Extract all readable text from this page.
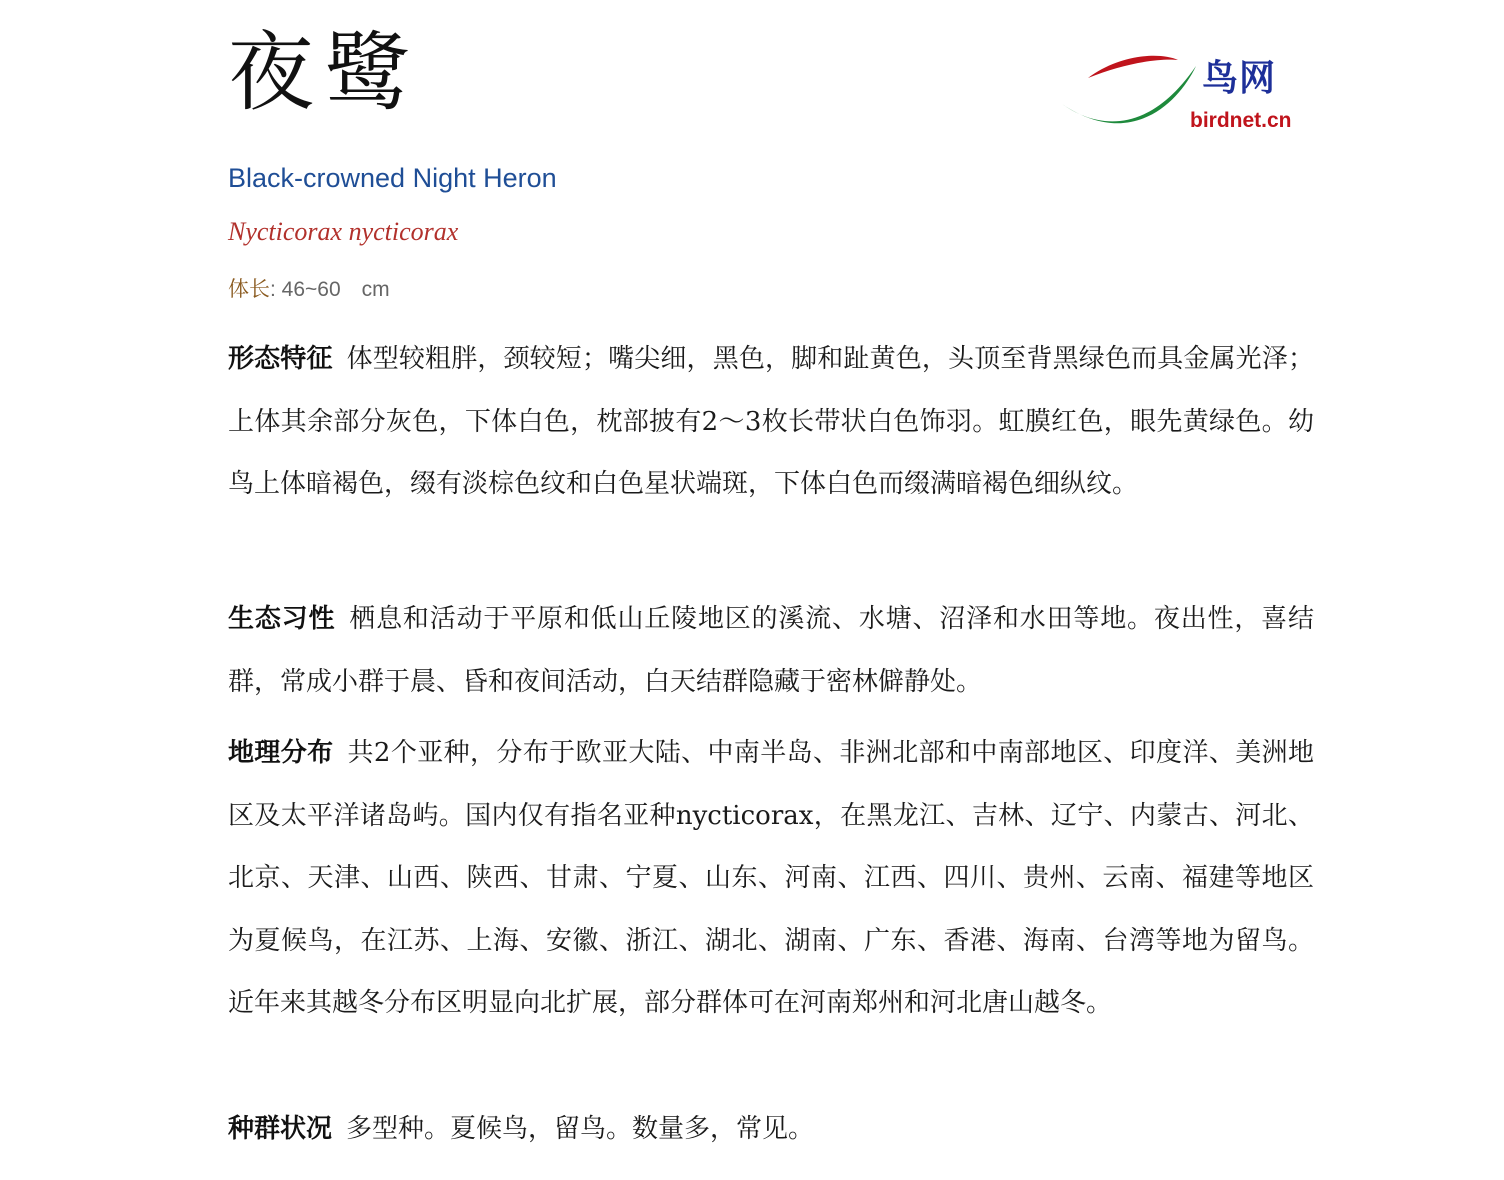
夜鹭	鸟网
birdnet.cn
Black-crowned Night Heron
Nycticorax nycticorax
体长: 46~60　cm
形态特征 体型较粗胖，颈较短；嘴尖细，黑色，脚和趾黄色，头顶至背黑绿色而具金属光泽；上体其余部分灰色，下体白色，枕部披有2～3枚长带状白色饰羽。虹膜红色，眼先黄绿色。幼鸟上体暗褐色，缀有淡棕色纹和白色星状端斑，下体白色而缀满暗褐色细纵纹。
生态习性 栖息和活动于平原和低山丘陵地区的溪流、水塘、沼泽和水田等地。夜出性，喜结群，常成小群于晨、昏和夜间活动，白天结群隐藏于密林僻静处。
地理分布 共2个亚种，分布于欧亚大陆、中南半岛、非洲北部和中南部地区、印度洋、美洲地区及太平洋诸岛屿。国内仅有指名亚种nycticorax，在黑龙江、吉林、辽宁、内蒙古、河北、北京、天津、山西、陕西、甘肃、宁夏、山东、河南、江西、四川、贵州、云南、福建等地区为夏候鸟，在江苏、上海、安徽、浙江、湖北、湖南、广东、香港、海南、台湾等地为留鸟。近年来其越冬分布区明显向北扩展，部分群体可在河南郑州和河北唐山越冬。
种群状况 多型种。夏候鸟，留鸟。数量多，常见。
